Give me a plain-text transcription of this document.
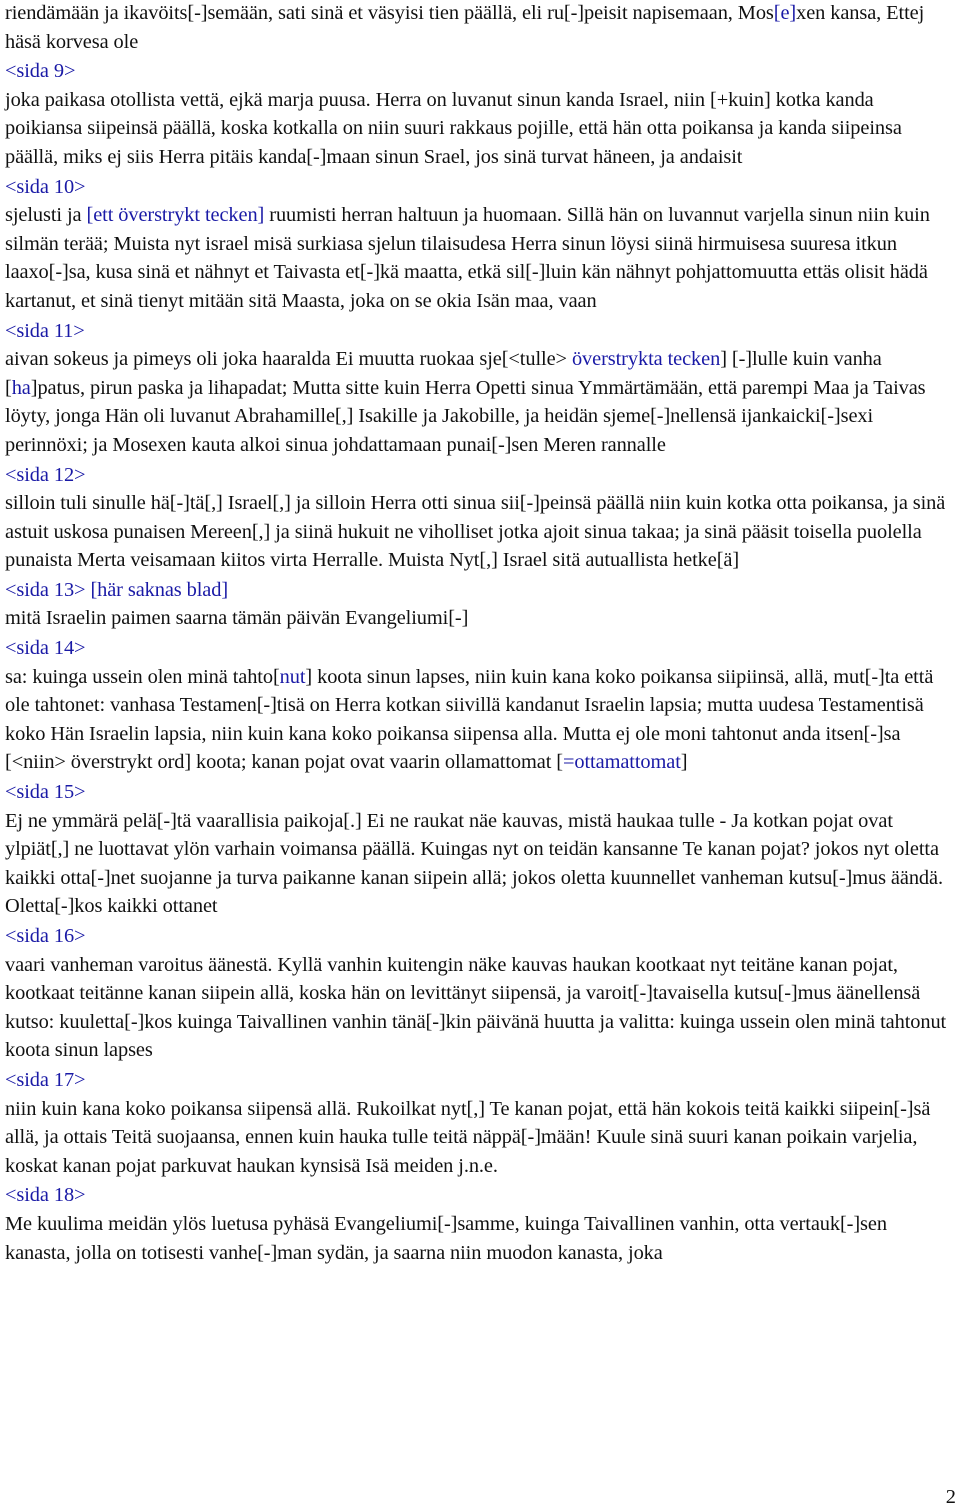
riendämään ja ikavöits[-]semään, sati sinä et väsyisi tien päällä, eli ru[-]peisit napisemaan, Mos[e]xen kansa, Ettej häsä korvesa ole

<sida 9>

joka paikasa otollista vettä, ejkä marja puusa. Herra on luvanut sinun kanda Israel, niin [+kuin] kotka kanda poikiansa siipeinsä päällä, koska kotkalla on niin suuri rakkaus pojille, että hän otta poikansa ja kanda siipeinsa päällä, miks ej siis Herra pitäis kanda[-]maan sinun Srael, jos sinä turvat häneen, ja andaisit

<sida 10>

sjelusti ja [ett överstrykt tecken] ruumisti herran haltuun ja huomaan. Sillä hän on luvannut varjella sinun niin kuin silmän terää; Muista nyt israel misä surkiasa sjelun tilaisudesa Herra sinun löysi siinä hirmuisesa suuresa itkun laaxo[-]sa, kusa sinä et nähnyt et Taivasta et[-]kä maatta, etkä sil[-]luin kän nähnyt pohjattomuutta ettäs olisit hädä kartanut, et sinä tienyt mitään sitä Maasta, joka on se okia Isän maa, vaan

<sida 11>

aivan sokeus ja pimeys oli joka haaralda Ei muutta ruokaa sje[<tulle> överstrykta tecken] [-]lulle kuin vanha [ha]patus, pirun paska ja lihapadat; Mutta sitte kuin Herra Opetti sinua Ymmärtämään, että parempi Maa ja Taivas löyty, jonga Hän oli luvanut Abrahamille[,] Isakille ja Jakobille, ja heidän sjeme[-]nellensä ijankaicki[-]sexi perinnöxi; ja Mosexen kauta alkoi sinua johdattamaan punai[-]sen Meren rannalle

<sida 12>

silloin tuli sinulle hä[-]tä[,] Israel[,] ja silloin Herra otti sinua sii[-]peinsä päällä niin kuin kotka otta poikansa, ja sinä astuit uskosa punaisen Mereen[,] ja siinä hukuit ne viholliset jotka ajoit sinua takaa; ja sinä pääsit toisella puolella punaista Merta veisamaan kiitos virta Herralle. Muista Nyt[,] Israel sitä autuallista hetke[ä]

<sida 13> [här saknas blad]

mitä Israelin paimen saarna tämän päivän Evangeliumi[-]

<sida 14>

sa: kuinga ussein olen minä tahto[nut] koota sinun lapses, niin kuin kana koko poikansa siipiinsä, allä, mut[-]ta että ole tahtonet: vanhasa Testamen[-]tisä on Herra kotkan siivillä kandanut Israelin lapsia; mutta uudesa Testamentisä koko Hän Israelin lapsia, niin kuin kana koko poikansa siipensa alla. Mutta ej ole moni tahtonut anda itsen[-]sa [<niin> överstrykt ord] koota; kanan pojat ovat vaarin ollamattomat [=ottamattomat]

<sida 15>

Ej ne ymmärä pelä[-]tä vaarallisia paikoja[.] Ei ne raukat näe kauvas, mistä haukaa tulle - Ja kotkan pojat ovat ylpiät[,] ne luottavat ylön varhain voimansa päällä. Kuingas nyt on teidän kansanne Te kanan pojat? jokos nyt oletta kaikki otta[-]net suojanne ja turva paikanne kanan siipein allä; jokos oletta kuunnellet vanheman kutsu[-]mus äändä. Oletta[-]kos kaikki ottanet

<sida 16>

vaari vanheman varoitus äänestä. Kyllä vanhin kuitengin näke kauvas haukan kootkaat nyt teitäne kanan pojat, kootkaat teitänne kanan siipein allä, koska hän on levittänyt siipensä, ja varoit[-]tavaisella kutsu[-]mus äänellensä kutso: kuuletta[-]kos kuinga Taivallinen vanhin tänä[-]kin päivänä huutta ja valitta: kuinga ussein olen minä tahtonut koota sinun lapses

<sida 17>

niin kuin kana koko poikansa siipensä allä. Rukoilkat nyt[,] Te kanan pojat, että hän kokois teitä kaikki siipein[-]sä allä, ja ottais Teitä suojaansa, ennen kuin hauka tulle teitä näppä[-]mään! Kuule sinä suuri kanan poikain varjelia, koskat kanan pojat parkuvat haukan kynsisä Isä meiden j.n.e.

<sida 18>

Me kuulima meidän ylös luetusa pyhäsä Evangeliumi[-]samme, kuinga Taivallinen vanhin, otta vertauk[-]sen kanasta, jolla on totisesti vanhe[-]man sydän, ja saarna niin muodon kanasta, joka

2
